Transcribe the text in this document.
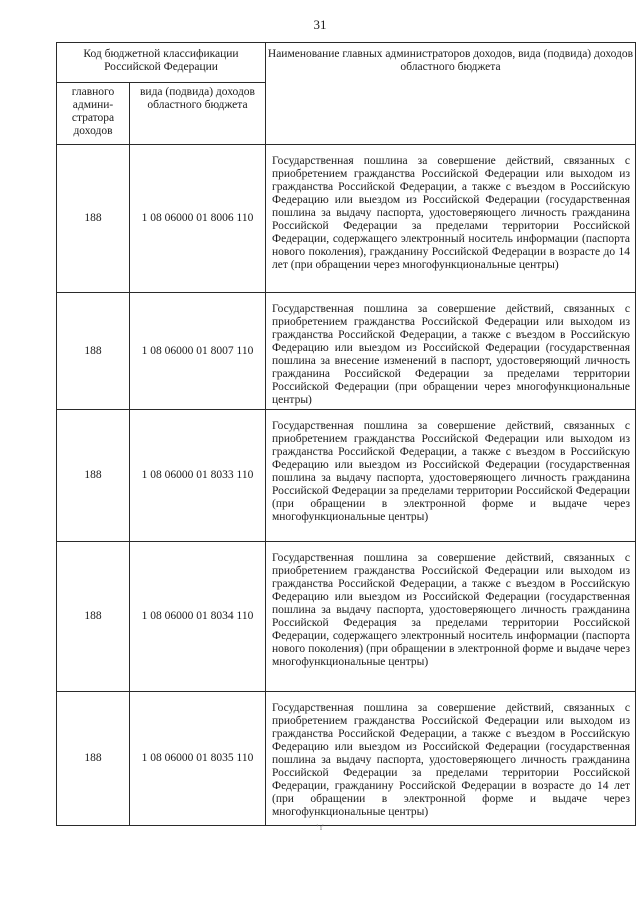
31
Код бюджетной классификации Российской Федерации		Наименование главных администраторов доходов, вида (подвида) доходов областного бюджета
главного админи-стратора доходов	вида (подвида) доходов областного бюджета	
188	1 08 06000 01 8006 110	Государственная пошлина за совершение действий, связанных с приобретением гражданства Российской Федерации или выходом из гражданства Российской Федерации, а также с въездом в Российскую Федерацию или выездом из Российской Федерации (государственная пошлина за выдачу паспорта, удостоверяющего личность гражданина Российской Федерации за пределами территории Российской Федерации, содержащего электронный носитель информации (паспорта нового поколения), гражданину Российской Федерации в возрасте до 14 лет (при обращении через многофункциональные центры)
188	1 08 06000 01 8007 110	Государственная пошлина за совершение действий, связанных с приобретением гражданства Российской Федерации или выходом из гражданства Российской Федерации, а также с въездом в Российскую Федерацию или выездом из Российской Федерации (государственная пошлина за внесение изменений в паспорт, удостоверяющий личность гражданина Российской Федерации за пределами территории Российской Федерации (при обращении через многофункциональные центры)
188	1 08 06000 01 8033 110	Государственная пошлина за совершение действий, связанных с приобретением гражданства Российской Федерации или выходом из гражданства Российской Федерации, а также с въездом в Российскую Федерацию или выездом из Российской Федерации (государственная пошлина за выдачу паспорта, удостоверяющего личность гражданина Российской Федерации за пределами территории Российской Федерации (при обращении в электронной форме и выдаче через многофункциональные центры)
188	1 08 06000 01 8034 110	Государственная пошлина за совершение действий, связанных с приобретением гражданства Российской Федерации или выходом из гражданства Российской Федерации, а также с въездом в Российскую Федерацию или выездом из Российской Федерации (государственная пошлина за выдачу паспорта, удостоверяющего личность гражданина Российской Федерация за пределами территории Российской Федерации, содержащего электронный носитель информации (паспорта нового поколения) (при обращении в электронной форме и выдаче через многофункциональные центры)
188	1 08 06000 01 8035 110	Государственная пошлина за совершение действий, связанных с приобретением гражданства Российской Федерации или выходом из гражданства Российской Федерации, а также с въездом в Российскую Федерацию или выездом из Российской Федерации (государственная пошлина за выдачу паспорта, удостоверяющего личность гражданина Российской Федерации за пределами территории Российской Федерации, гражданину Российской Федерации в возрасте до 14 лет (при обращении в электронной форме и выдаче через многофункциональные центры)
' ı'
